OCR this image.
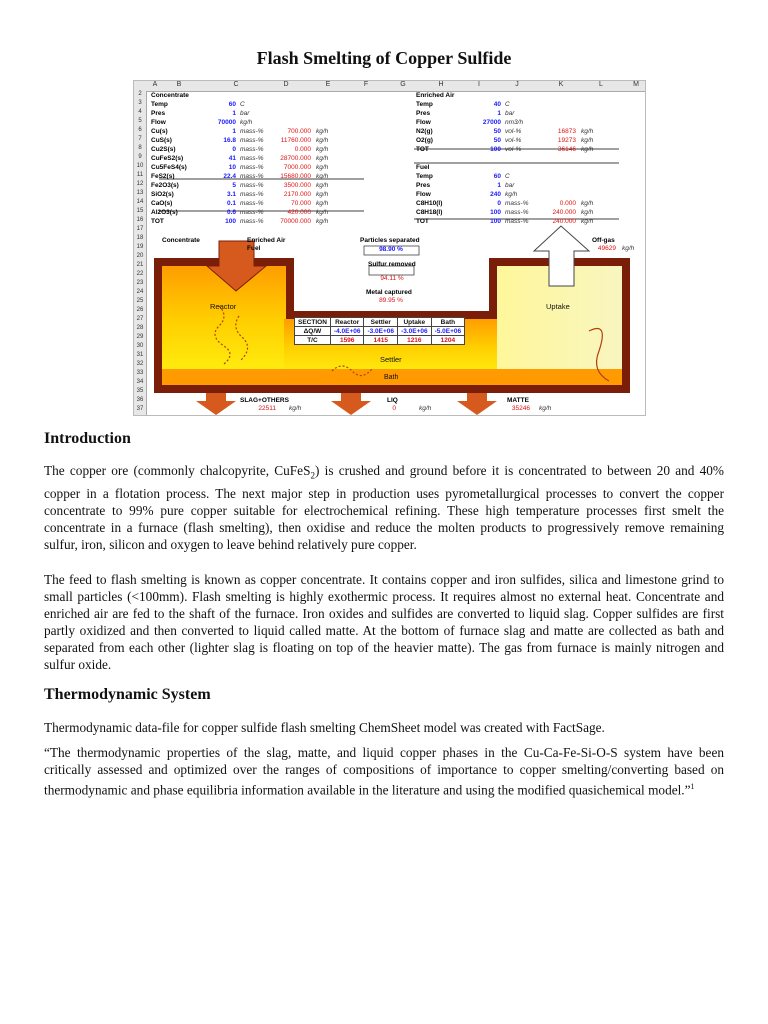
Flash Smelting of Copper Sulfide
A	B	C	D	E	F	G	H	I	J	K	L	M
2
3
4
5
6
7
8
9
10
11
12
13
14
15
16
17
18
19
20
21
22
23
24
25
26
27
28
29
30
31
32
33
34
35
36
37
Concentrate
Temp	60 C
Pres	1 bar
Flow	70000 kg/h
Cu(s)	1 mass-%	700.000 kg/h
CuS(s)	16.8 mass-%	11760.000 kg/h
Cu2S(s)	0 mass-%	0.000 kg/h
CuFeS2(s)	41 mass-%	28700.000 kg/h
Cu5FeS4(s)	10 mass-%	7000.000 kg/h
FeS2(s)	22.4 mass-%	15680.000 kg/h
Fe2O3(s)	5 mass-%	3500.000 kg/h
SiO2(s)	3.1 mass-%	2170.000 kg/h
CaO(s)	0.1 mass-%	70.000 kg/h
Al2O3(s)	0.6 mass-%	420.000 kg/h
TOT	100 mass-%	70000.000 kg/h
Enriched Air
Temp	40 C
Pres	1 bar
Flow	27000 nm3/h
N2(g)	50 vol-%	16873 kg/h
O2(g)	50 vol-%	19273 kg/h
TOT	100 vol-%	36146 kg/h
Fuel
Temp	60 C
Pres	1 bar
Flow	240 kg/h
C8H10(l)	0 mass-%	0.000 kg/h
C8H18(l)	100 mass-%	240.000 kg/h
TOT	100 mass-%	240.000 kg/h
Concentrate	Enriched Air
Fuel
Particles separated
98.90 %
Sulfur removed
94.11 %
Metal captured
89.95 %
Off-gas
49629 kg/h
Reactor	Uptake
Settler
Bath
SLAG+OTHERS
22511 kg/h
LIQ
0	kg/h
MATTE
35246 kg/h
SECTION	Reactor	Settler	Uptake	Bath
ΔQ/W	-4.0E+06	-3.0E+06	-3.0E+06	-5.0E+06
T/C	1596	1415	1216	1204
Introduction

The copper ore (commonly chalcopyrite, CuFeS$_2$) is crushed and ground before it is concentrated to between 20 and 40% copper in a flotation process. The next major step in production uses pyrometallurgical processes to convert the copper concentrate to 99% pure copper suitable for electrochemical refining. These high temperature processes first smelt the concentrate in a furnace (flash smelting), then oxidise and reduce the molten products to progressively remove remaining sulfur, iron, silicon and oxygen to leave behind relatively pure copper.

The feed to flash smelting is known as copper concentrate. It contains copper and iron sulfides, silica and limestone grind to small particles (<100mm). Flash smelting is highly exothermic process. It requires almost no external heat. Concentrate and enriched air are fed to the shaft of the furnace. Iron oxides and sulfides are converted to liquid slag. Copper sulfides are first partly oxidized and then converted to liquid called matte. At the bottom of furnace slag and matte are collected as bath and separated from each other (lighter slag is floating on top of the heavier matte). The gas from furnace is mainly nitrogen and sulfur oxide.

Thermodynamic System

Thermodynamic data-file for copper sulfide flash smelting ChemSheet model was created with FactSage.

“The thermodynamic properties of the slag, matte, and liquid copper phases in the Cu-Ca-Fe-Si-O-S system have been critically assessed and optimized over the ranges of compositions of importance to copper smelting/converting based on thermodynamic and phase equilibria information available in the literature and using the modified quasichemical model.”$^1$
